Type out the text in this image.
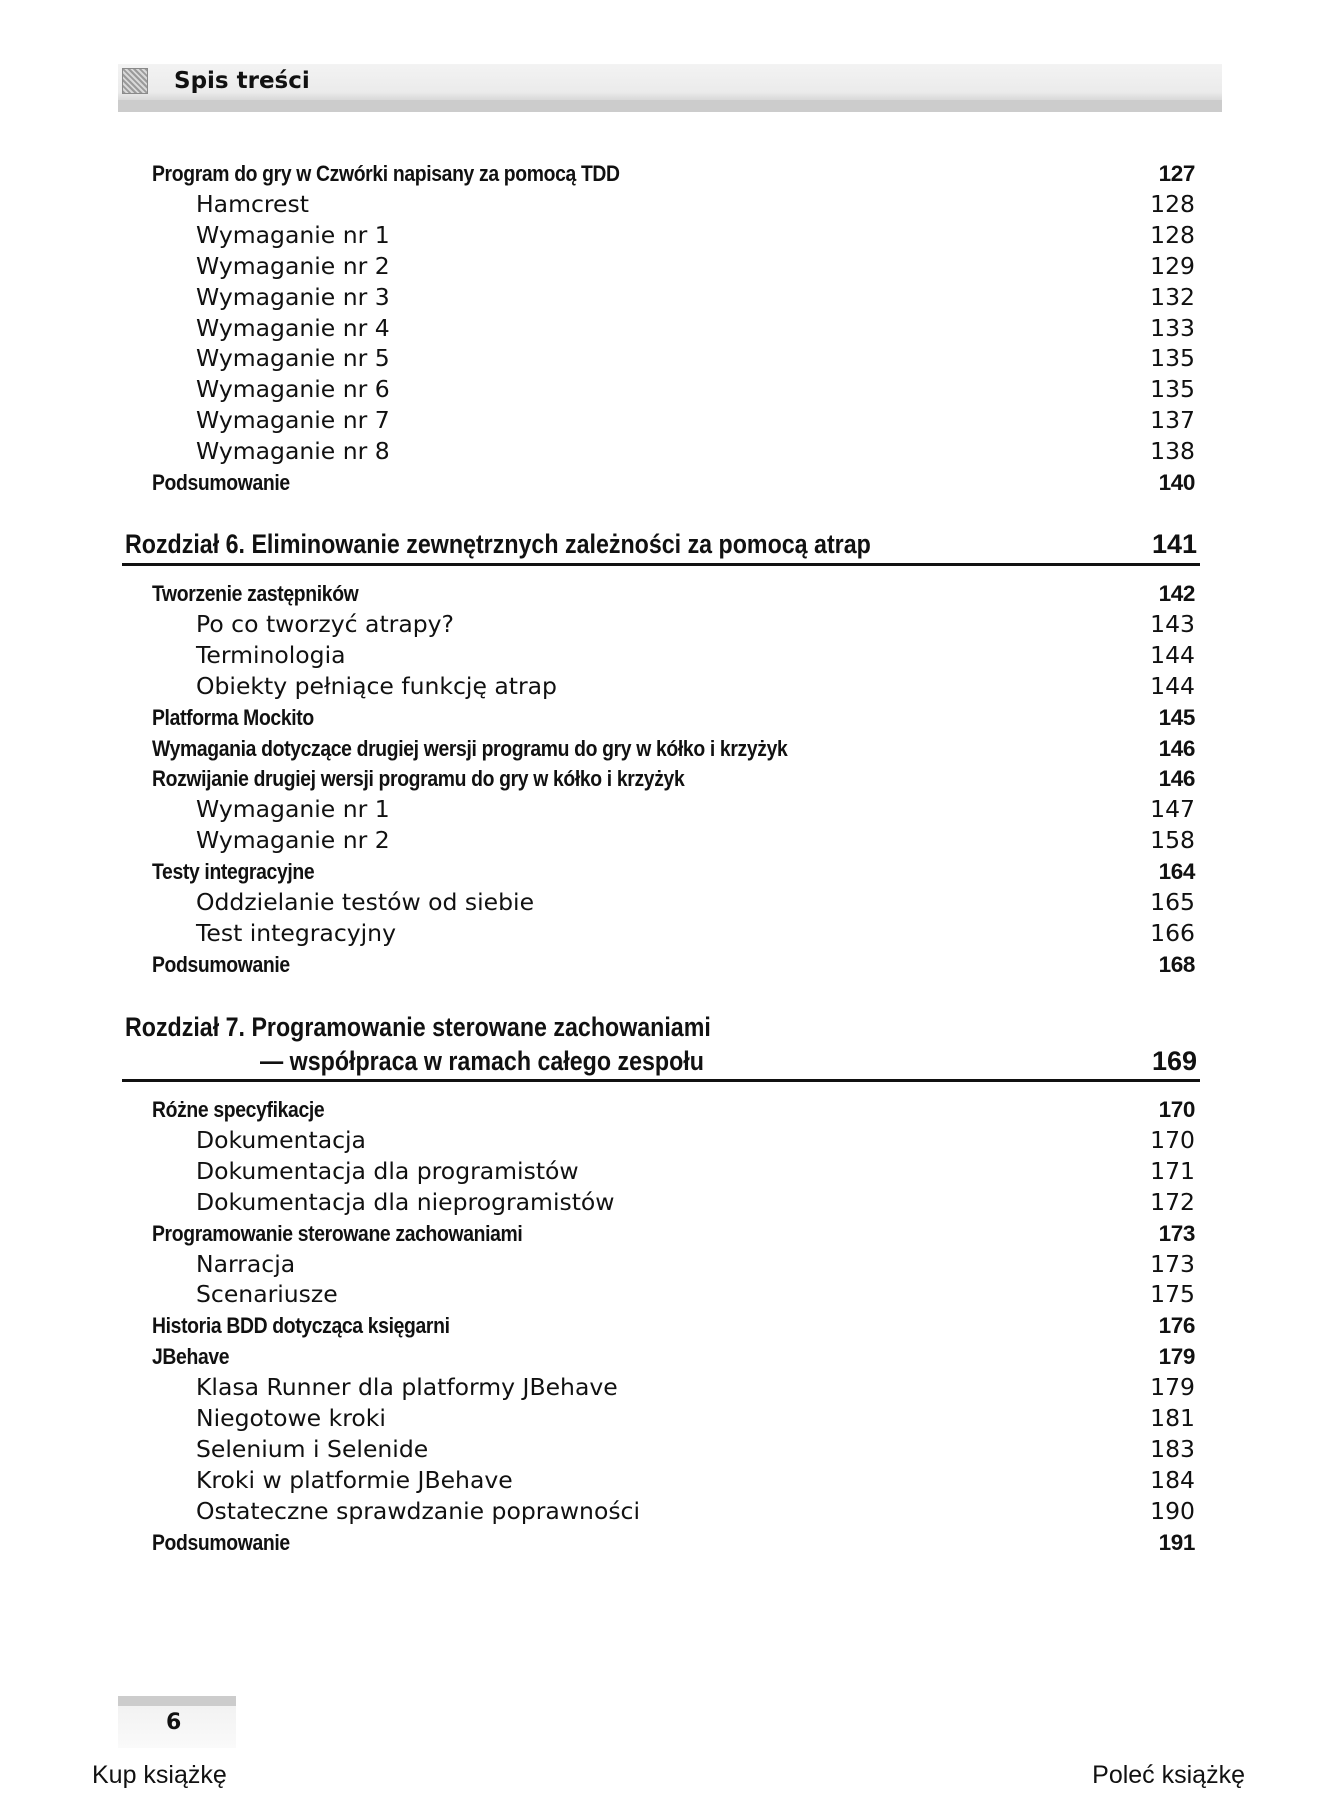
Spis treści
Program do gry w Czwórki napisany za pomocą TDD	127
Hamcrest	128
Wymaganie nr 1	128
Wymaganie nr 2	129
Wymaganie nr 3	132
Wymaganie nr 4	133
Wymaganie nr 5	135
Wymaganie nr 6	135
Wymaganie nr 7	137
Wymaganie nr 8	138
Podsumowanie	140
Rozdział 6. Eliminowanie zewnętrznych zależności za pomocą atrap	141
Tworzenie zastępników	142
Po co tworzyć atrapy?	143
Terminologia	144
Obiekty pełniące funkcję atrap	144
Platforma Mockito	145
Wymagania dotyczące drugiej wersji programu do gry w kółko i krzyżyk	146
Rozwijanie drugiej wersji programu do gry w kółko i krzyżyk	146
Wymaganie nr 1	147
Wymaganie nr 2	158
Testy integracyjne	164
Oddzielanie testów od siebie	165
Test integracyjny	166
Podsumowanie	168
Rozdział 7. Programowanie sterowane zachowaniami
— współpraca w ramach całego zespołu	169
Różne specyfikacje	170
Dokumentacja	170
Dokumentacja dla programistów	171
Dokumentacja dla nieprogramistów	172
Programowanie sterowane zachowaniami	173
Narracja	173
Scenariusze	175
Historia BDD dotycząca księgarni	176
JBehave	179
Klasa Runner dla platformy JBehave	179
Niegotowe kroki	181
Selenium i Selenide	183
Kroki w platformie JBehave	184
Ostateczne sprawdzanie poprawności	190
Podsumowanie	191
6
Kup książkę	Poleć książkę
